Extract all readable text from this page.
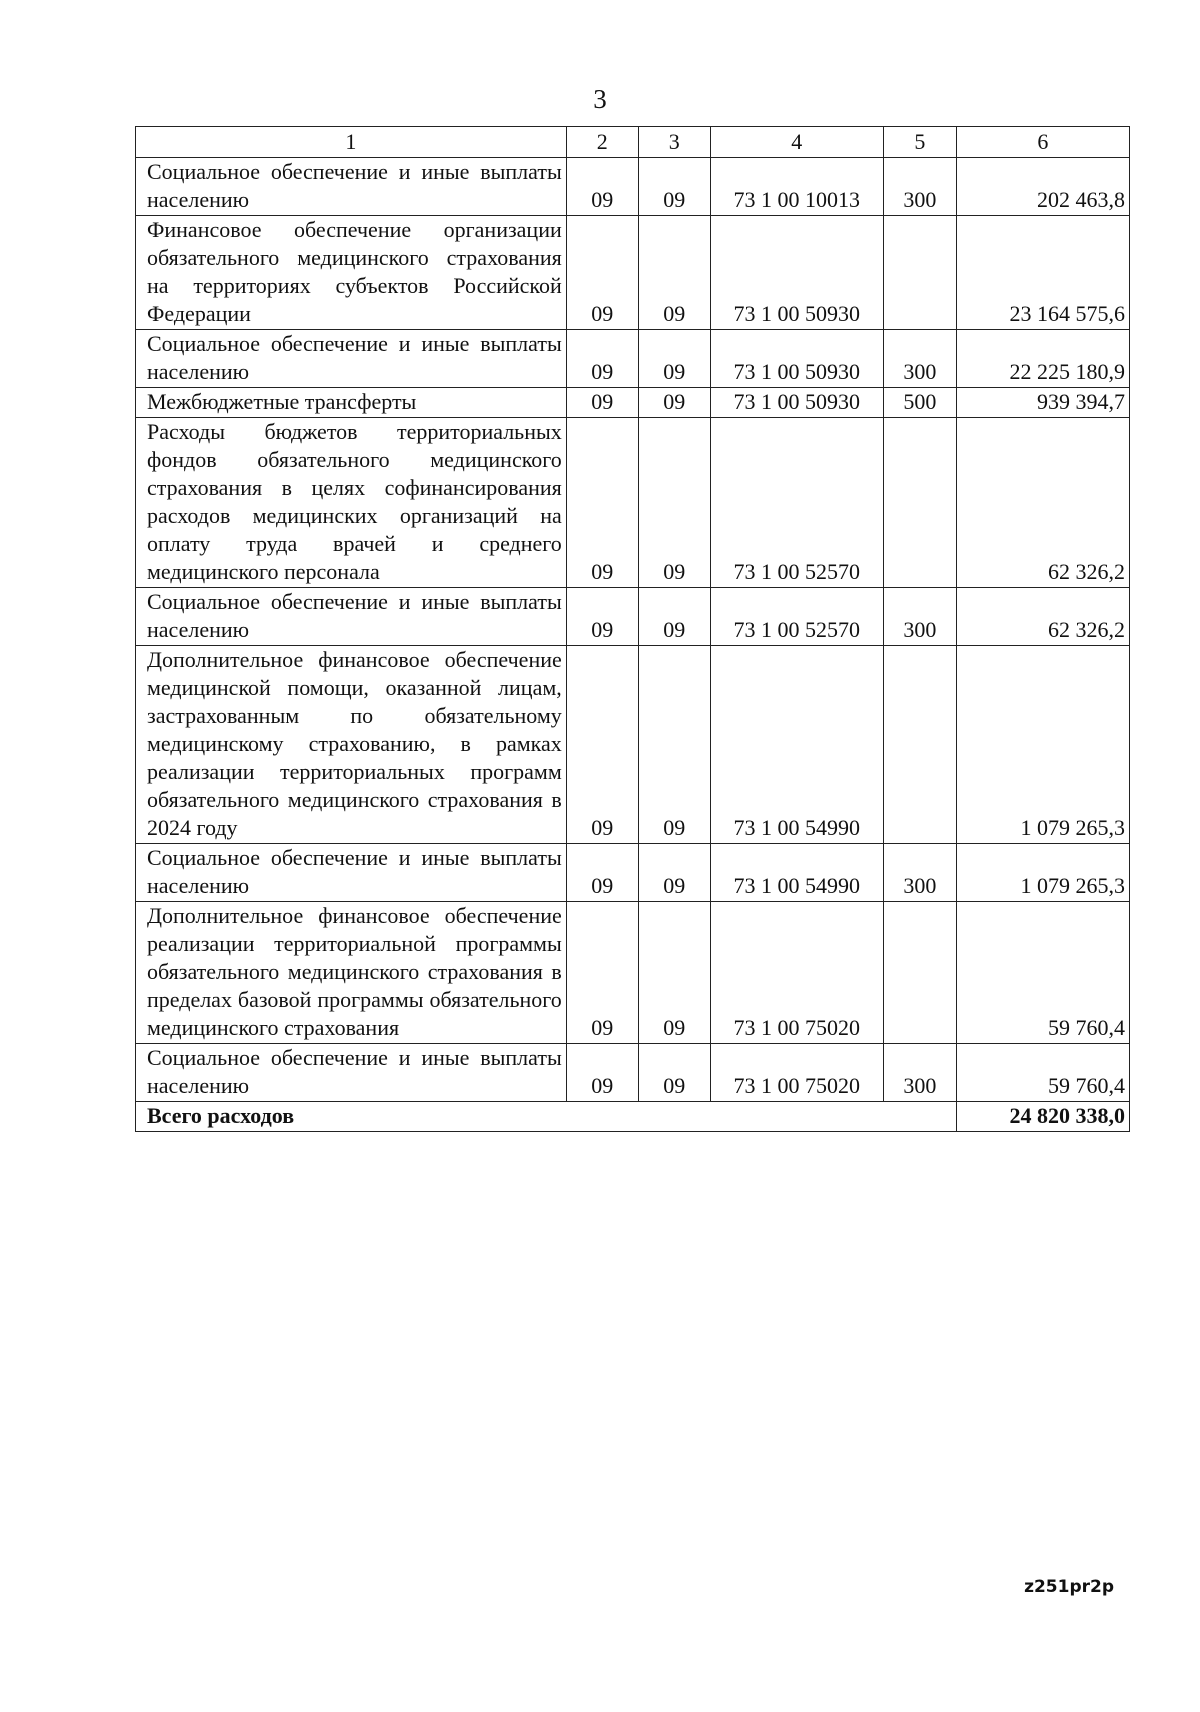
3
1	2	3	4	5	6
Социальное обеспечение и иные выплаты населению	09	09	73 1 00 10013	300	202 463,8
Финансовое обеспечение организации обязательного медицинского страхования на территориях субъектов Российской Федерации	09	09	73 1 00 50930		23 164 575,6
Социальное обеспечение и иные выплаты населению	09	09	73 1 00 50930	300	22 225 180,9
Межбюджетные трансферты	09	09	73 1 00 50930	500	939 394,7
Расходы бюджетов территориальных фондов обязательного медицинского страхования в целях софинансирования расходов медицинских организаций на оплату труда врачей и среднего медицинского персонала	09	09	73 1 00 52570		62 326,2
Социальное обеспечение и иные выплаты населению	09	09	73 1 00 52570	300	62 326,2
Дополнительное финансовое обеспечение медицинской помощи, оказанной лицам, застрахованным по обязательному медицинскому страхованию, в рамках реализации территориальных программ обязательного медицинского страхования в 2024 году	09	09	73 1 00 54990		1 079 265,3
Социальное обеспечение и иные выплаты населению	09	09	73 1 00 54990	300	1 079 265,3
Дополнительное финансовое обеспечение реализации территориальной программы обязательного медицинского страхования в пределах базовой программы обязательного медицинского страхования	09	09	73 1 00 75020		59 760,4
Социальное обеспечение и иные выплаты населению	09	09	73 1 00 75020	300	59 760,4
Всего расходов					24 820 338,0
z251pr2p
